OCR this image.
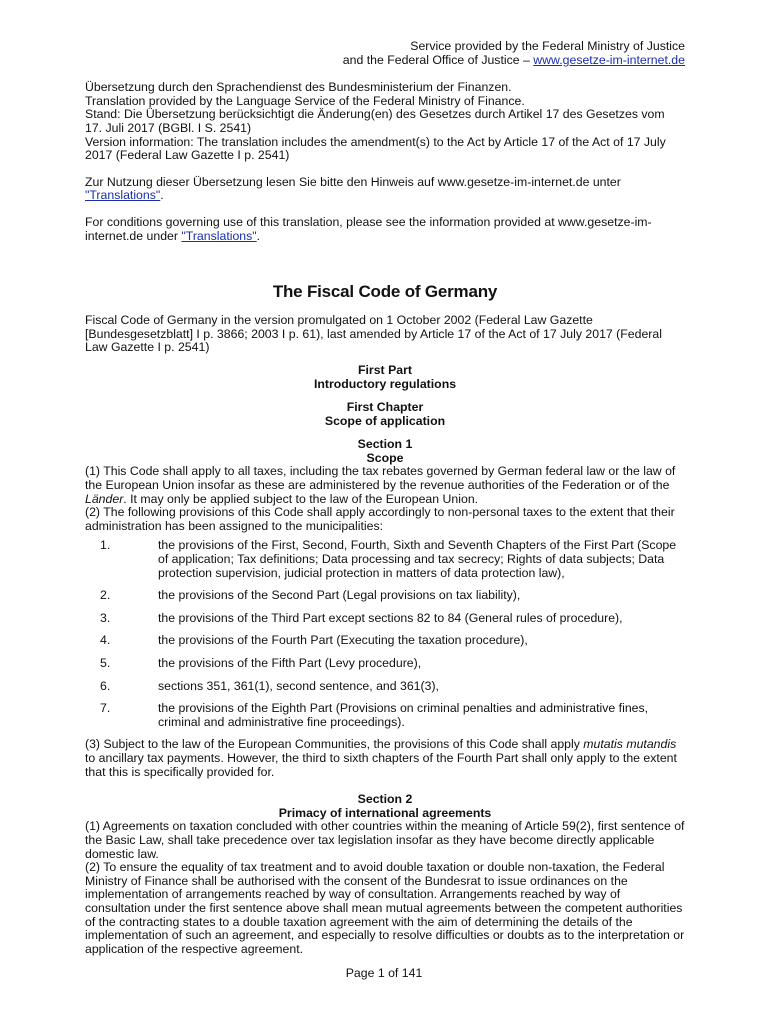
Service provided by the Federal Ministry of Justice
and the Federal Office of Justice – www.gesetze-im-internet.de

Übersetzung durch den Sprachendienst des Bundesministerium der Finanzen.

Translation provided by the Language Service of the Federal Ministry of Finance.

Stand: Die Übersetzung berücksichtigt die Änderung(en) des Gesetzes durch Artikel 17 des Gesetzes vom 17. Juli 2017 (BGBl. I S. 2541)

Version information: The translation includes the amendment(s) to the Act by Article 17 of the Act of 17 July 2017 (Federal Law Gazette I p. 2541)

Zur Nutzung dieser Übersetzung lesen Sie bitte den Hinweis auf www.gesetze-im-internet.de unter "Translations".

For conditions governing use of this translation, please see the information provided at www.gesetze-im-internet.de under "Translations".

The Fiscal Code of Germany

Fiscal Code of Germany in the version promulgated on 1 October 2002 (Federal Law Gazette [Bundesgesetzblatt] I p. 3866; 2003 I p. 61), last amended by Article 17 of the Act of 17 July 2017 (Federal Law Gazette I p. 2541)

First Part
Introductory regulations
First Chapter
Scope of application
Section 1
Scope

(1) This Code shall apply to all taxes, including the tax rebates governed by German federal law or the law of the European Union insofar as these are administered by the revenue authorities of the Federation or of the Länder. It may only be applied subject to the law of the European Union.

(2) The following provisions of this Code shall apply accordingly to non-personal taxes to the extent that their administration has been assigned to the municipalities:

1.	the provisions of the First, Second, Fourth, Sixth and Seventh Chapters of the First Part (Scope of application; Tax definitions; Data processing and tax secrecy; Rights of data subjects; Data protection supervision, judicial protection in matters of data protection law),
2.	the provisions of the Second Part (Legal provisions on tax liability),
3.	the provisions of the Third Part except sections 82 to 84 (General rules of procedure),
4.	the provisions of the Fourth Part (Executing the taxation procedure),
5.	the provisions of the Fifth Part (Levy procedure),
6.	sections 351, 361(1), second sentence, and 361(3),
7.	the provisions of the Eighth Part (Provisions on criminal penalties and administrative fines, criminal and administrative fine proceedings).

(3) Subject to the law of the European Communities, the provisions of this Code shall apply mutatis mutandis to ancillary tax payments. However, the third to sixth chapters of the Fourth Part shall only apply to the extent that this is specifically provided for.

Section 2
Primacy of international agreements

(1) Agreements on taxation concluded with other countries within the meaning of Article 59(2), first sentence of the Basic Law, shall take precedence over tax legislation insofar as they have become directly applicable domestic law.

(2) To ensure the equality of tax treatment and to avoid double taxation or double non-taxation, the Federal Ministry of Finance shall be authorised with the consent of the Bundesrat to issue ordinances on the implementation of arrangements reached by way of consultation. Arrangements reached by way of consultation under the first sentence above shall mean mutual agreements between the competent authorities of the contracting states to a double taxation agreement with the aim of determining the details of the implementation of such an agreement, and especially to resolve difficulties or doubts as to the interpretation or application of the respective agreement.

Page 1 of 141
